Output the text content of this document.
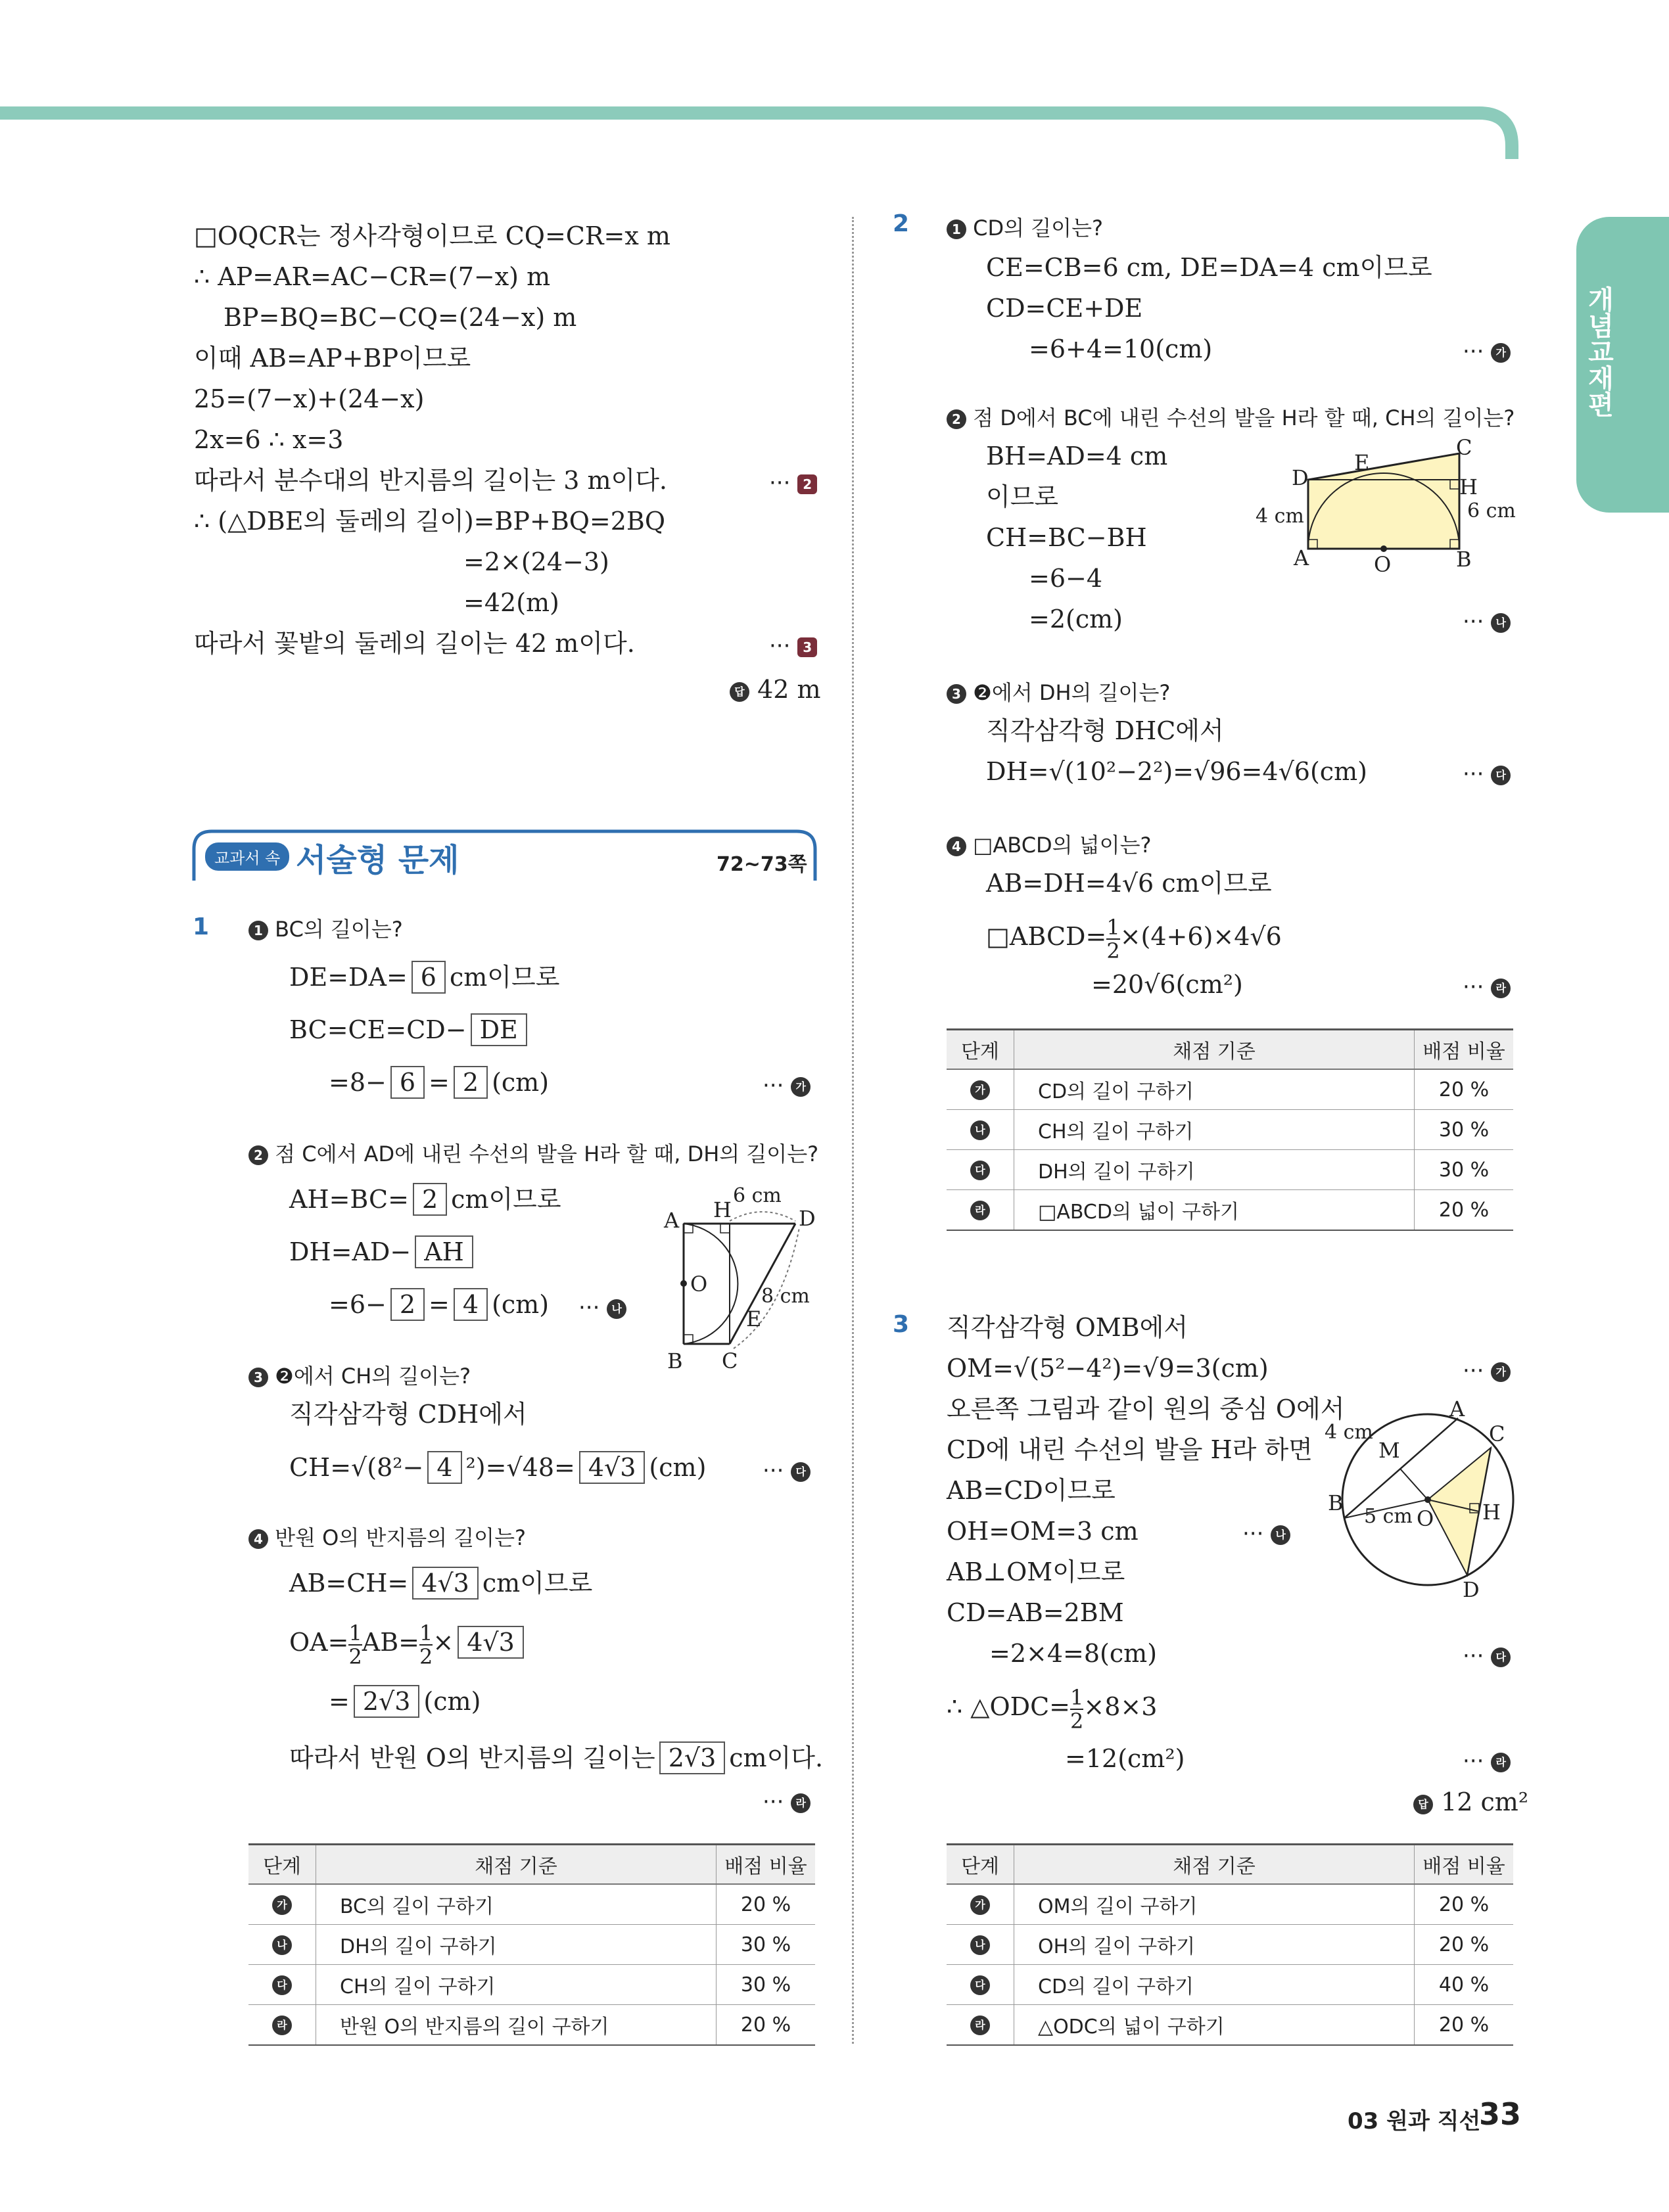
개념교재편
□OQCR는 정사각형이므로 CQ=CR=x m
∴ AP=AR=AC−CR=(7−x) m
BP=BQ=BC−CQ=(24−x) m
이때 AB=AP+BP이므로
25=(7−x)+(24−x)
2x=6 ∴ x=3
따라서 분수대의 반지름의 길이는 3 m이다.	··· 2
∴ (△DBE의 둘레의 길이)=BP+BQ=2BQ
=2×(24−3)
=42(m)
따라서 꽃밭의 둘레의 길이는 42 m이다.	··· 3
답 42 m
교과서 속 서술형 문제	72~73쪽
1	1 BC의 길이는?
DE=DA= 6 cm이므로
BC=CE=CD− DE
=8− 6 = 2 (cm)	··· 가
2 점 C에서 AD에 내린 수선의 발을 H라 할 때, DH의 길이는?
AH=BC= 2 cm이므로
DH=AD− AH
=6− 2 = 4 (cm) ··· 나
A H	D
O
E
B C
6 cm
8 cm
3 ❷에서 CH의 길이는?
직각삼각형 CDH에서
CH=√(8²− 4 ²)=√48= 4√3 (cm)	··· 다
4 반원 O의 반지름의 길이는?
AB=CH= 4√3 cm이므로
$OA= \frac{1}{2} AB= \frac{1}{2} \times 4√3$
= 2√3 (cm)
따라서 반원 O의 반지름의 길이는 2√3 cm이다.
··· 라
단계	채점 기준	배점 비율
가	BC의 길이 구하기	20 %
나	DH의 길이 구하기	30 %
다	CH의 길이 구하기	30 %
라	반원 O의 반지름의 길이 구하기	20 %
2	1 CD의 길이는?
CE=CB=6 cm, DE=DA=4 cm이므로
CD=CE+DE
=6+4=10(cm)	··· 가
2 점 D에서 BC에 내린 수선의 발을 H라 할 때, CH의 길이는?
BH=AD=4 cm
이므로
CH=BC−BH
=6−4
=2(cm)	··· 나
D
E
C
H
A	O	B
4 cm	6 cm
3 ❷에서 DH의 길이는?
직각삼각형 DHC에서
DH=√(10²−2²)=√96=4√6(cm)	··· 다
4 □ABCD의 넓이는?
AB=DH=4√6 cm이므로
□ABCD= $\frac{1}{2} \times(4+6)\times 4√6$
=20√6(cm²)	··· 라
단계	채점 기준	배점 비율
가	CD의 길이 구하기	20 %
나	CH의 길이 구하기	30 %
다	DH의 길이 구하기	30 %
라	□ABCD의 넓이 구하기	20 %
3 직각삼각형 OMB에서
OM=√(5²−4²)=√9=3(cm)	··· 가
오른쪽 그림과 같이 원의 중심 O에서
CD에 내린 수선의 발을 H라 하면
AB=CD이므로
OH=OM=3 cm	··· 나
AB⊥OM이므로
CD=AB=2BM
=2×4=8(cm)	··· 다
∴ △ODC= $\frac{1}{2} \times 8\times 3$
=12(cm²)	··· 라
답 12 cm²
A
C
M
B
O H
D
4 cm
5 cm
단계	채점 기준	배점 비율
가	OM의 길이 구하기	20 %
나	OH의 길이 구하기	20 %
다	CD의 길이 구하기	40 %
라	△ODC의 넓이 구하기	20 %
03 원과 직선
33
